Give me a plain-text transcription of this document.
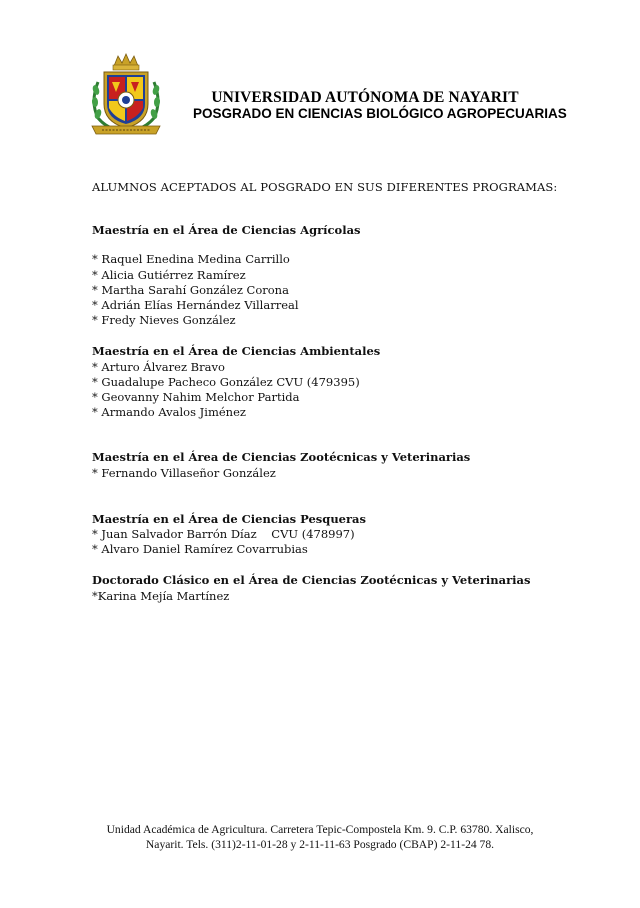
UNIVERSIDAD AUTÓNOMA DE NAYARIT
POSGRADO EN CIENCIAS BIOLÓGICO AGROPECUARIAS

ALUMNOS ACEPTADOS AL POSGRADO EN SUS DIFERENTES PROGRAMAS:

Maestría en el Área de Ciencias Agrícolas

* Raquel Enedina Medina Carrillo

* Alicia Gutiérrez Ramírez

* Martha Sarahí González Corona

* Adrián Elías Hernández Villarreal

* Fredy Nieves González

Maestría en el Área de Ciencias Ambientales

* Arturo Álvarez Bravo

* Guadalupe Pacheco González CVU (479395)

* Geovanny Nahim Melchor Partida

* Armando Avalos Jiménez

Maestría en el Área de Ciencias Zootécnicas y Veterinarias

* Fernando Villaseñor González

Maestría en el Área de Ciencias Pesqueras

* Juan Salvador Barrón Díaz    CVU (478997)

* Alvaro Daniel Ramírez Covarrubias

Doctorado Clásico en el Área de Ciencias Zootécnicas y Veterinarias

*Karina Mejía Martínez

Unidad Académica de Agricultura. Carretera Tepic-Compostela Km. 9. C.P. 63780. Xalisco,
Nayarit. Tels. (311)2-11-01-28 y 2-11-11-63 Posgrado (CBAP) 2-11-24 78.
